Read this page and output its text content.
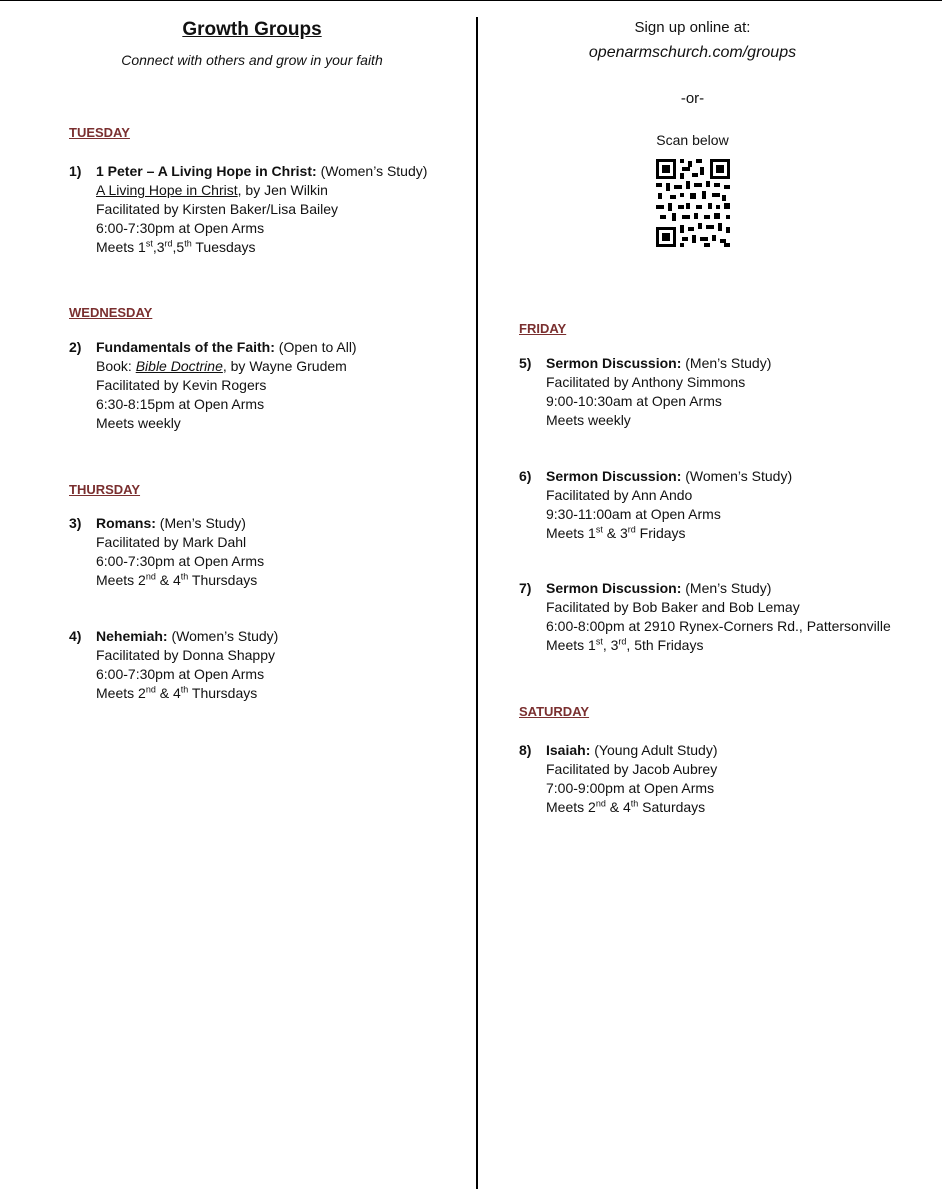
Growth Groups
Connect with others and grow in your faith
TUESDAY
1) 1 Peter – A Living Hope in Christ: (Women’s Study)
A Living Hope in Christ, by Jen Wilkin
Facilitated by Kirsten Baker/Lisa Bailey
6:00-7:30pm at Open Arms
Meets 1st,3rd,5th Tuesdays
WEDNESDAY
2) Fundamentals of the Faith: (Open to All)
Book: Bible Doctrine, by Wayne Grudem
Facilitated by Kevin Rogers
6:30-8:15pm at Open Arms
Meets weekly
THURSDAY
3) Romans: (Men’s Study)
Facilitated by Mark Dahl
6:00-7:30pm at Open Arms
Meets 2nd & 4th Thursdays
4) Nehemiah: (Women’s Study)
Facilitated by Donna Shappy
6:00-7:30pm at Open Arms
Meets 2nd & 4th Thursdays
Sign up online at:
openarmschurch.com/groups
-or-
Scan below
FRIDAY
5) Sermon Discussion: (Men’s Study)
Facilitated by Anthony Simmons
9:00-10:30am at Open Arms
Meets weekly
6) Sermon Discussion: (Women’s Study)
Facilitated by Ann Ando
9:30-11:00am at Open Arms
Meets 1st & 3rd Fridays
7) Sermon Discussion: (Men’s Study)
Facilitated by Bob Baker and Bob Lemay
6:00-8:00pm at 2910 Rynex-Corners Rd., Pattersonville
Meets 1st, 3rd, 5th Fridays
SATURDAY
8) Isaiah: (Young Adult Study)
Facilitated by Jacob Aubrey
7:00-9:00pm at Open Arms
Meets 2nd & 4th Saturdays
